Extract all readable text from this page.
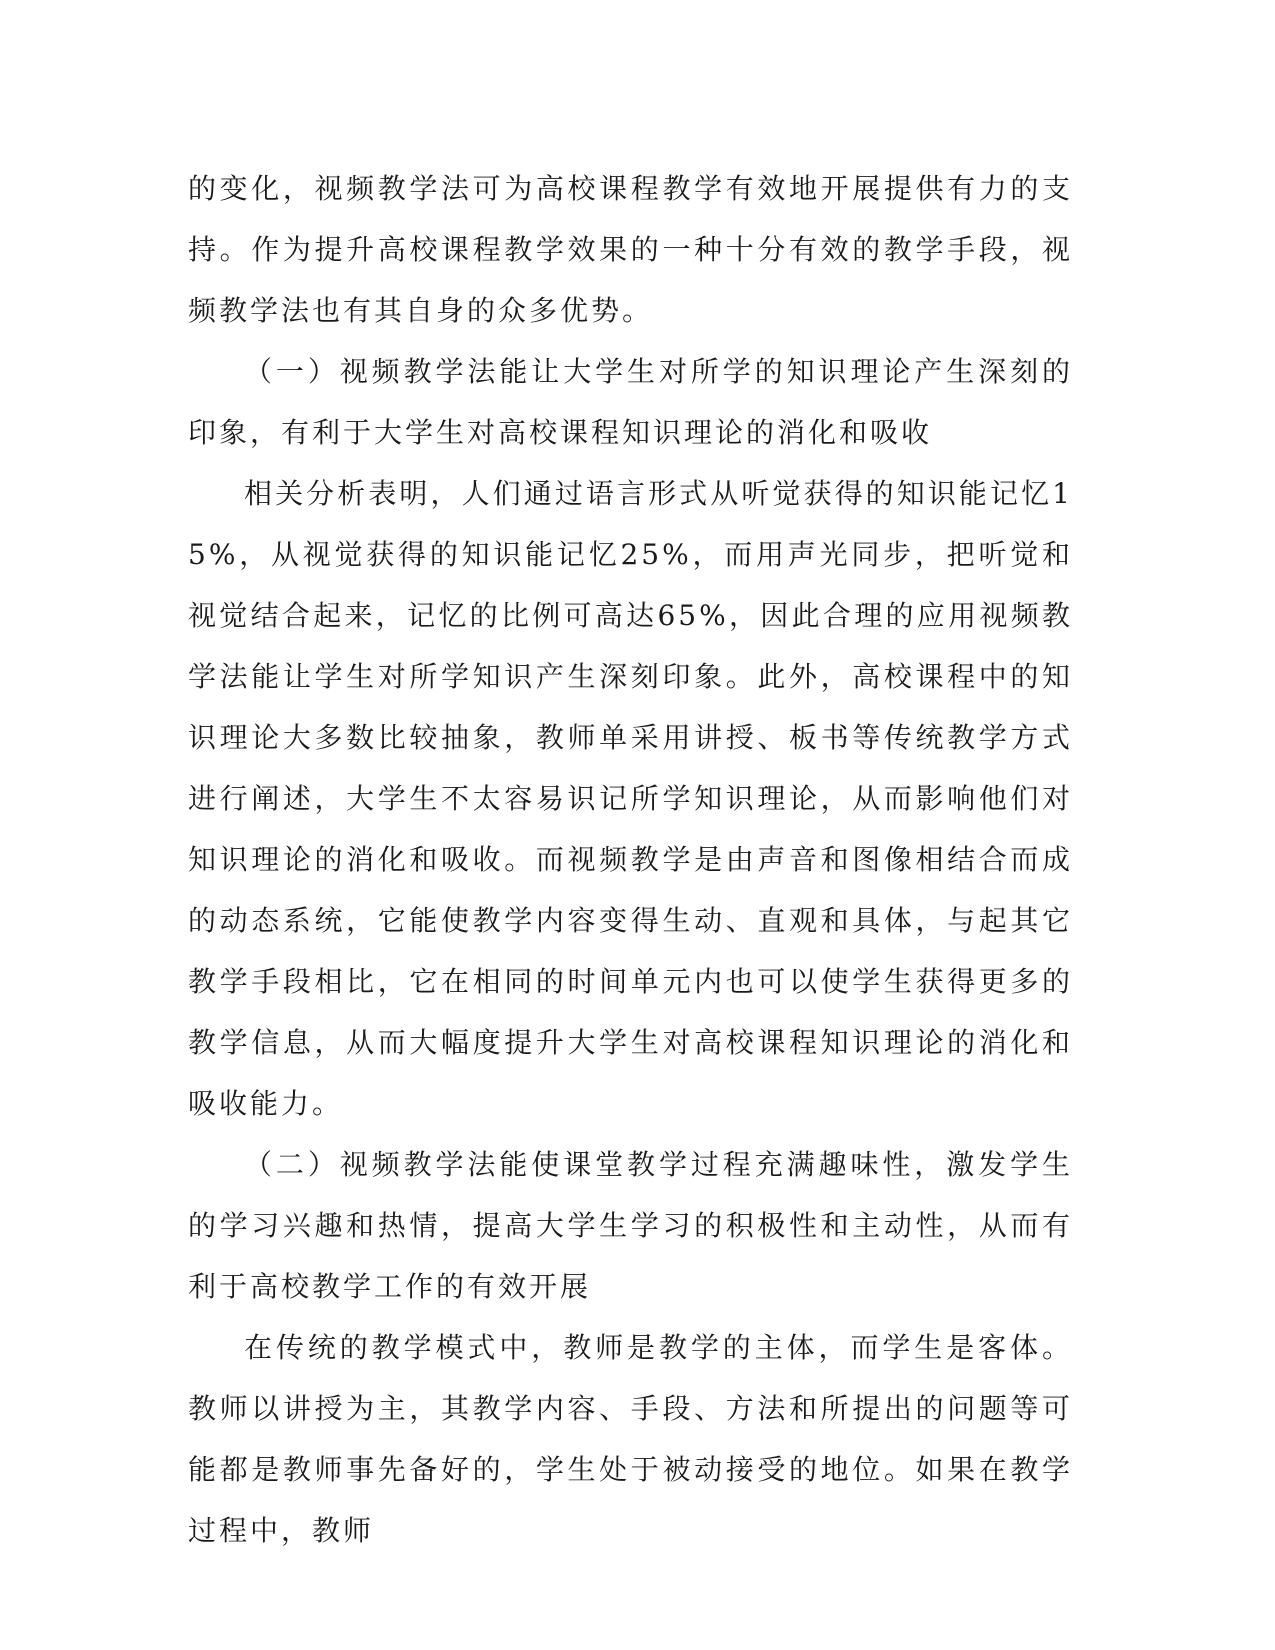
的变化，视频教学法可为高校课程教学有效地开展提供有力的支持。作为提升高校课程教学效果的一种十分有效的教学手段，视频教学法也有其自身的众多优势。

（一）视频教学法能让大学生对所学的知识理论产生深刻的印象，有利于大学生对高校课程知识理论的消化和吸收

相关分析表明，人们通过语言形式从听觉获得的知识能记忆15%，从视觉获得的知识能记忆25%，而用声光同步，把听觉和视觉结合起来，记忆的比例可高达65%，因此合理的应用视频教学法能让学生对所学知识产生深刻印象。此外，高校课程中的知识理论大多数比较抽象，教师单采用讲授、板书等传统教学方式进行阐述，大学生不太容易识记所学知识理论，从而影响他们对知识理论的消化和吸收。而视频教学是由声音和图像相结合而成的动态系统，它能使教学内容变得生动、直观和具体，与起其它教学手段相比，它在相同的时间单元内也可以使学生获得更多的教学信息，从而大幅度提升大学生对高校课程知识理论的消化和吸收能力。

（二）视频教学法能使课堂教学过程充满趣味性，激发学生的学习兴趣和热情，提高大学生学习的积极性和主动性，从而有利于高校教学工作的有效开展

在传统的教学模式中，教师是教学的主体，而学生是客体。教师以讲授为主，其教学内容、手段、方法和所提出的问题等可能都是教师事先备好的，学生处于被动接受的地位。如果在教学过程中，教师
